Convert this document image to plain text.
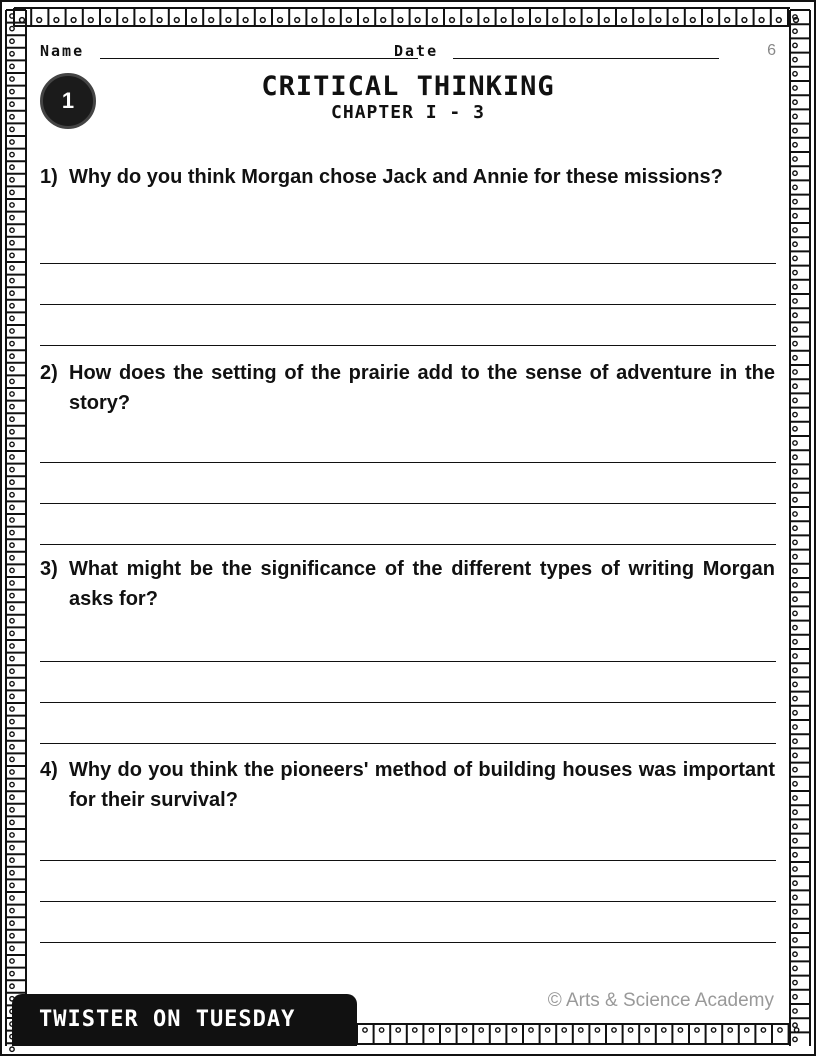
Name	Date	6
1	CRITICAL THINKING
CHAPTER I - 3
1) Why do you think Morgan chose Jack and Annie for these missions?
2) How does the setting of the prairie add to the sense of adventure in the story?
3) What might be the significance of the different types of writing Morgan asks for?
4) Why do you think the pioneers' method of building houses was important for their survival?
© Arts & Science Academy
TWISTER ON TUESDAY
